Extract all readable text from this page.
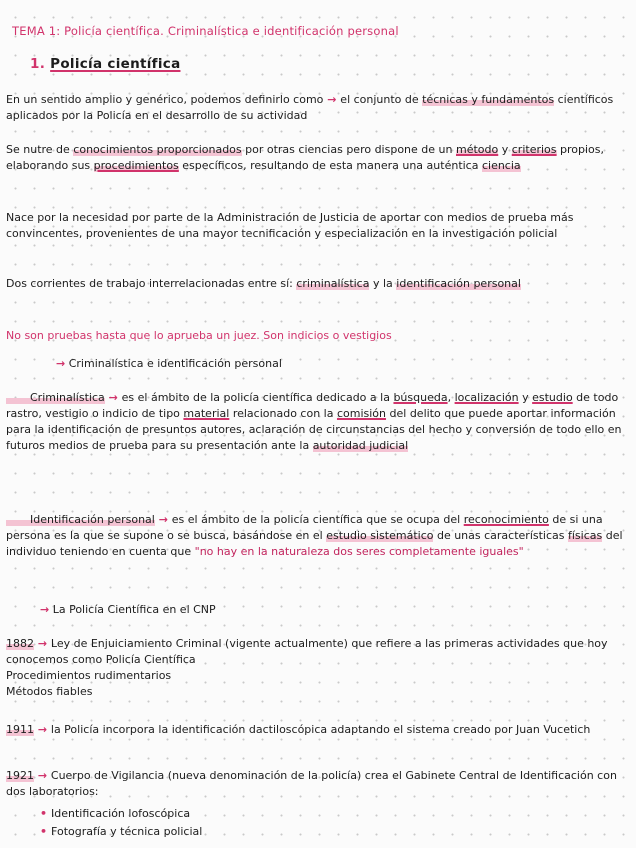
TEMA 1: Policía científica. Criminalística e identificación personal
1. Policía científica
En un sentido amplio y genérico, podemos definirlo como → el conjunto de técnicas y fundamentos científicos aplicados por la Policía en el desarrollo de su actividad
Se nutre de conocimientos proporcionados por otras ciencias pero dispone de un método y criterios propios, elaborando sus procedimientos específicos, resultando de esta manera una auténtica ciencia
Nace por la necesidad por parte de la Administración de Justicia de aportar con medios de prueba más convincentes, provenientes de una mayor tecnificación y especialización en la investigación policial
Dos corrientes de trabajo interrelacionadas entre sí: criminalística y la identificación personal
No son pruebas hasta que lo aprueba un juez. Son indicios o vestigios
→ Criminalística e identificación personal
Criminalística → es el ámbito de la policía científica dedicado a la búsqueda, localización y estudio de todo rastro, vestigio o indicio de tipo material relacionado con la comisión del delito que puede aportar información para la identificación de presuntos autores, aclaración de circunstancias del hecho y conversión de todo ello en futuros medios de prueba para su presentación ante la autoridad judicial
Identificación personal → es el ámbito de la policía científica que se ocupa del reconocimiento de si una persona es la que se supone o se busca, basándose en el estudio sistemático de unas características físicas del individuo teniendo en cuenta que "no hay en la naturaleza dos seres completamente iguales"
→ La Policía Científica en el CNP
1882 → Ley de Enjuiciamiento Criminal (vigente actualmente) que refiere a las primeras actividades que hoy conocemos como Policía Científica
Procedimientos rudimentarios
Métodos fiables
1911 → la Policía incorpora la identificación dactiloscópica adaptando el sistema creado por Juan Vucetich
1921 → Cuerpo de Vigilancia (nueva denominación de la policía) crea el Gabinete Central de Identificación con dos laboratorios:
• Identificación lofoscópica
• Fotografía y técnica policial
